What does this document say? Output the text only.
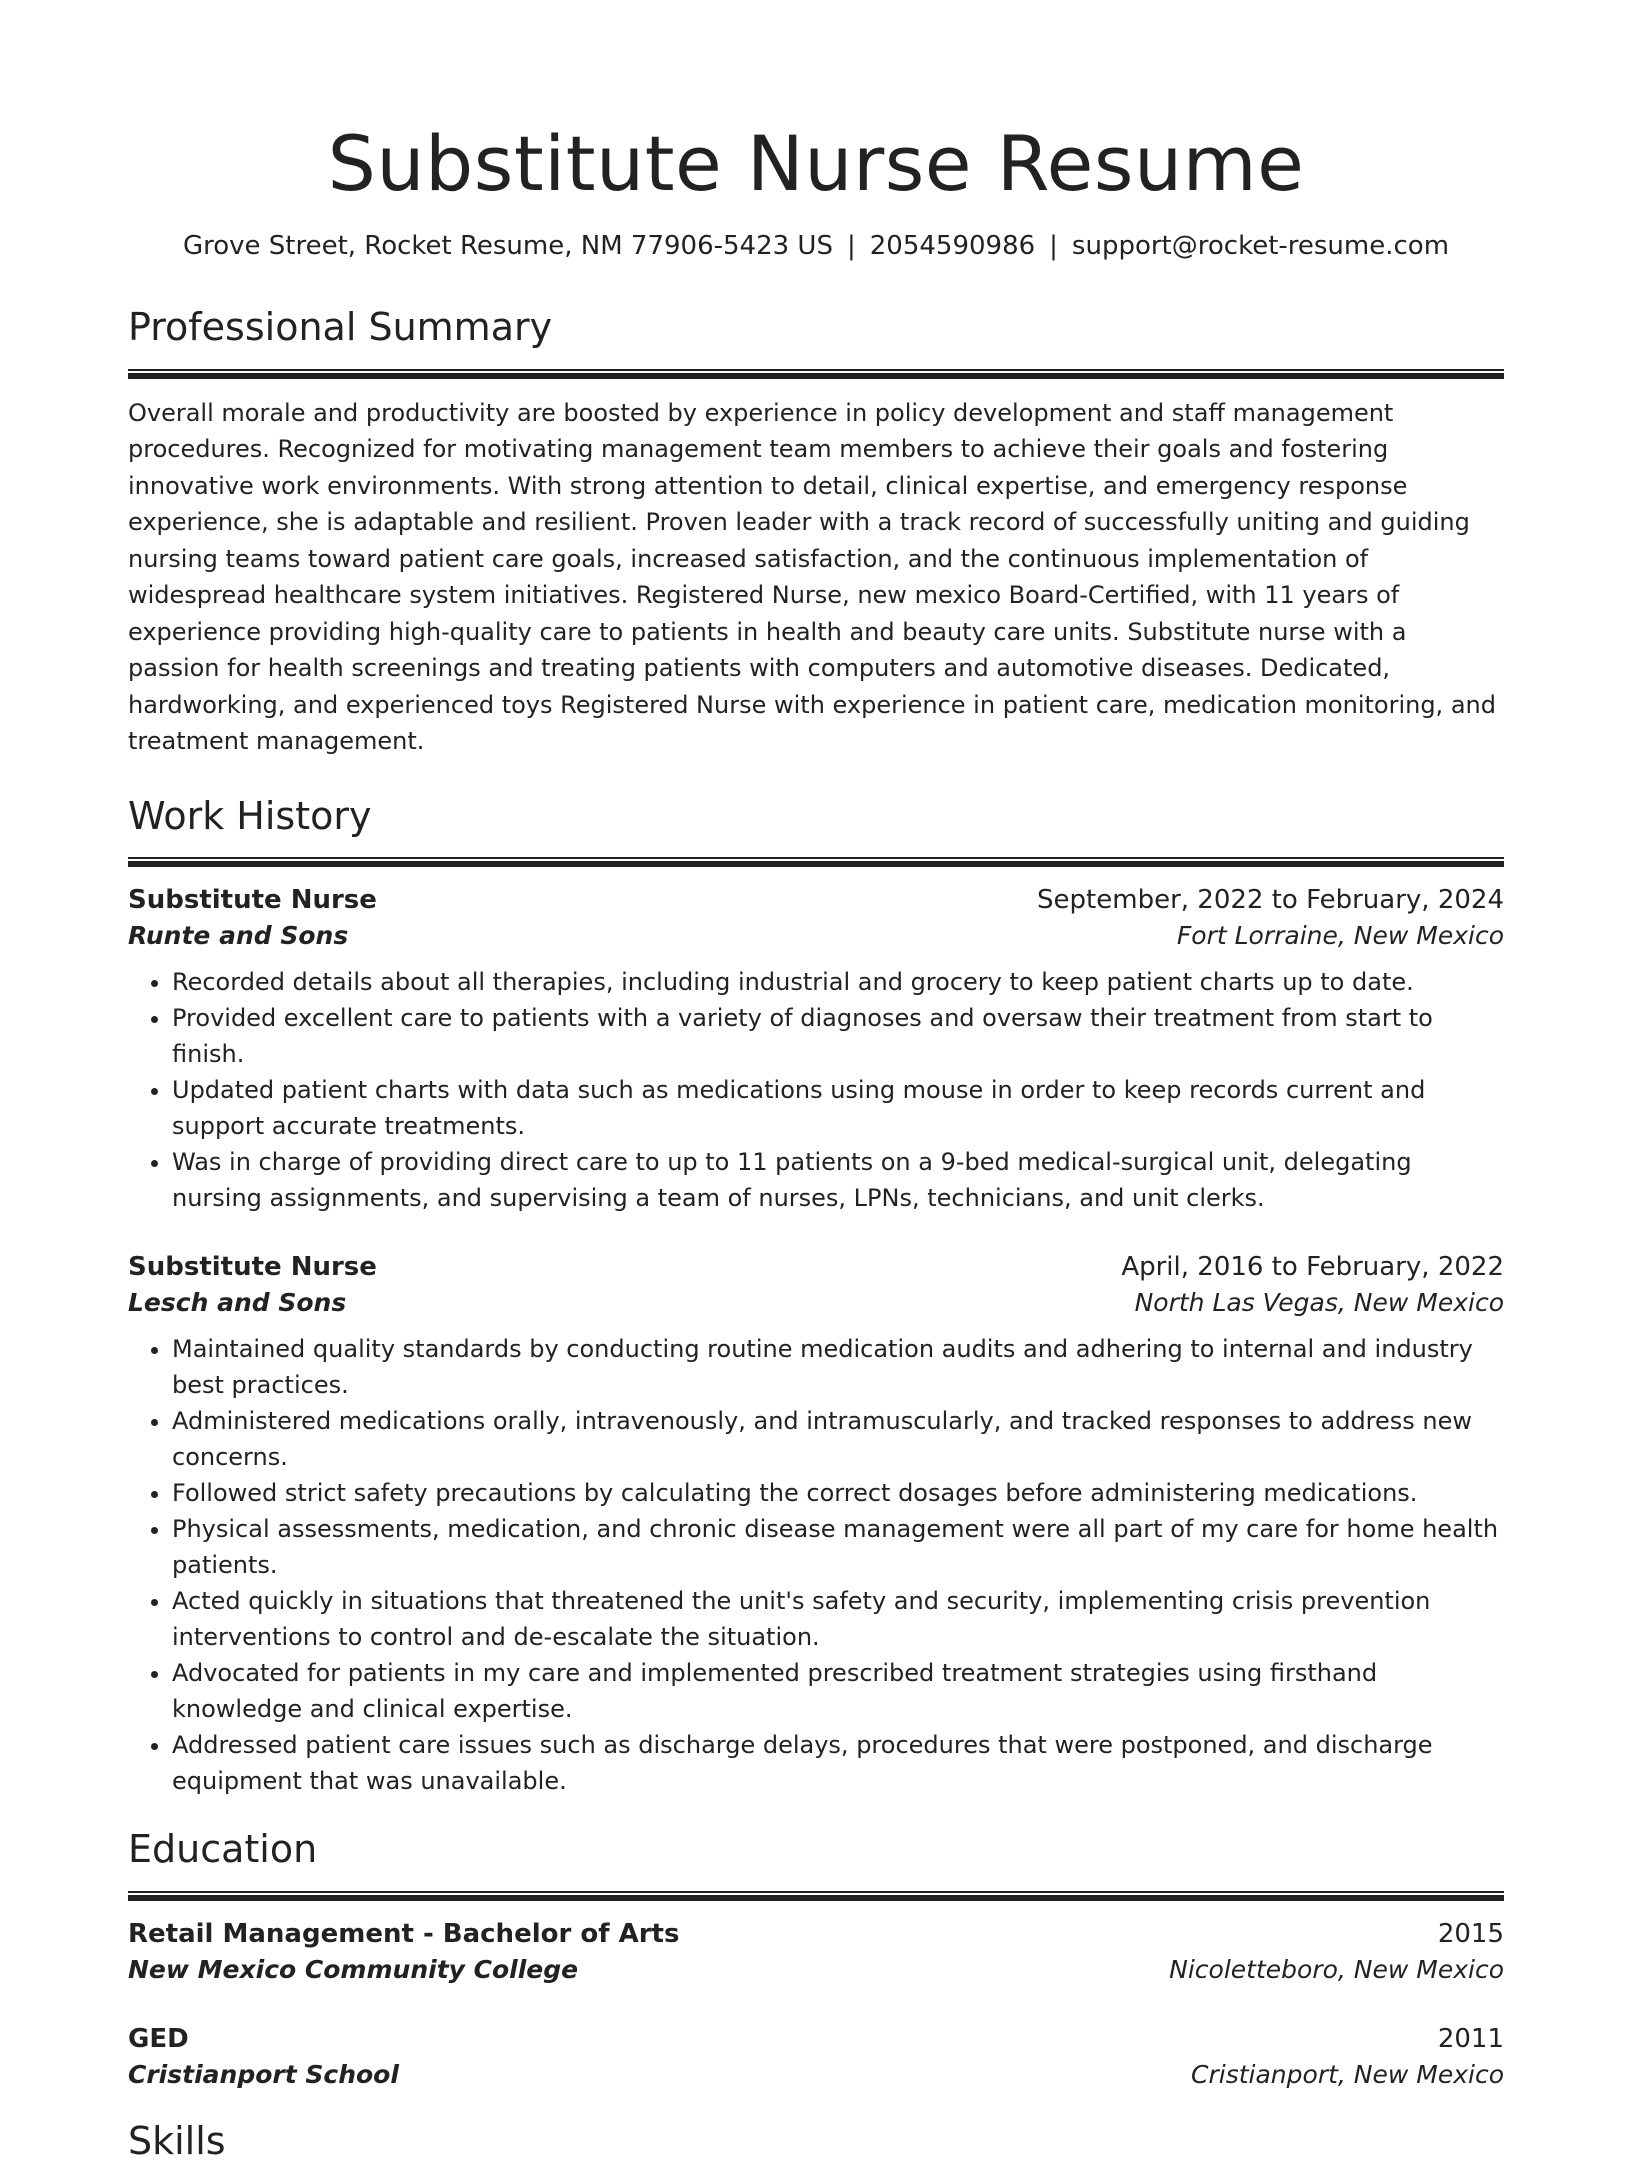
Substitute Nurse Resume
Grove Street, Rocket Resume, NM 77906-5423 US | 2054590986 | support@rocket-resume.com
Professional Summary
Overall morale and productivity are boosted by experience in policy development and staff management procedures. Recognized for motivating management team members to achieve their goals and fostering innovative work environments. With strong attention to detail, clinical expertise, and emergency response experience, she is adaptable and resilient. Proven leader with a track record of successfully uniting and guiding nursing teams toward patient care goals, increased satisfaction, and the continuous implementation of widespread healthcare system initiatives. Registered Nurse, new mexico Board-Certified, with 11 years of experience providing high-quality care to patients in health and beauty care units. Substitute nurse with a passion for health screenings and treating patients with computers and automotive diseases. Dedicated, hardworking, and experienced toys Registered Nurse with experience in patient care, medication monitoring, and treatment management.
Work History
Substitute Nurse	September, 2022 to February, 2024
Runte and Sons	Fort Lorraine, New Mexico
• Recorded details about all therapies, including industrial and grocery to keep patient charts up to date.
• Provided excellent care to patients with a variety of diagnoses and oversaw their treatment from start to finish.
• Updated patient charts with data such as medications using mouse in order to keep records current and support accurate treatments.
• Was in charge of providing direct care to up to 11 patients on a 9-bed medical-surgical unit, delegating nursing assignments, and supervising a team of nurses, LPNs, technicians, and unit clerks.
Substitute Nurse	April, 2016 to February, 2022
Lesch and Sons	North Las Vegas, New Mexico
• Maintained quality standards by conducting routine medication audits and adhering to internal and industry best practices.
• Administered medications orally, intravenously, and intramuscularly, and tracked responses to address new concerns.
• Followed strict safety precautions by calculating the correct dosages before administering medications.
• Physical assessments, medication, and chronic disease management were all part of my care for home health patients.
• Acted quickly in situations that threatened the unit's safety and security, implementing crisis prevention interventions to control and de-escalate the situation.
• Advocated for patients in my care and implemented prescribed treatment strategies using firsthand knowledge and clinical expertise.
• Addressed patient care issues such as discharge delays, procedures that were postponed, and discharge equipment that was unavailable.
Education
Retail Management - Bachelor of Arts	2015
New Mexico Community College	Nicoletteboro, New Mexico
GED	2011
Cristianport School	Cristianport, New Mexico
Skills
